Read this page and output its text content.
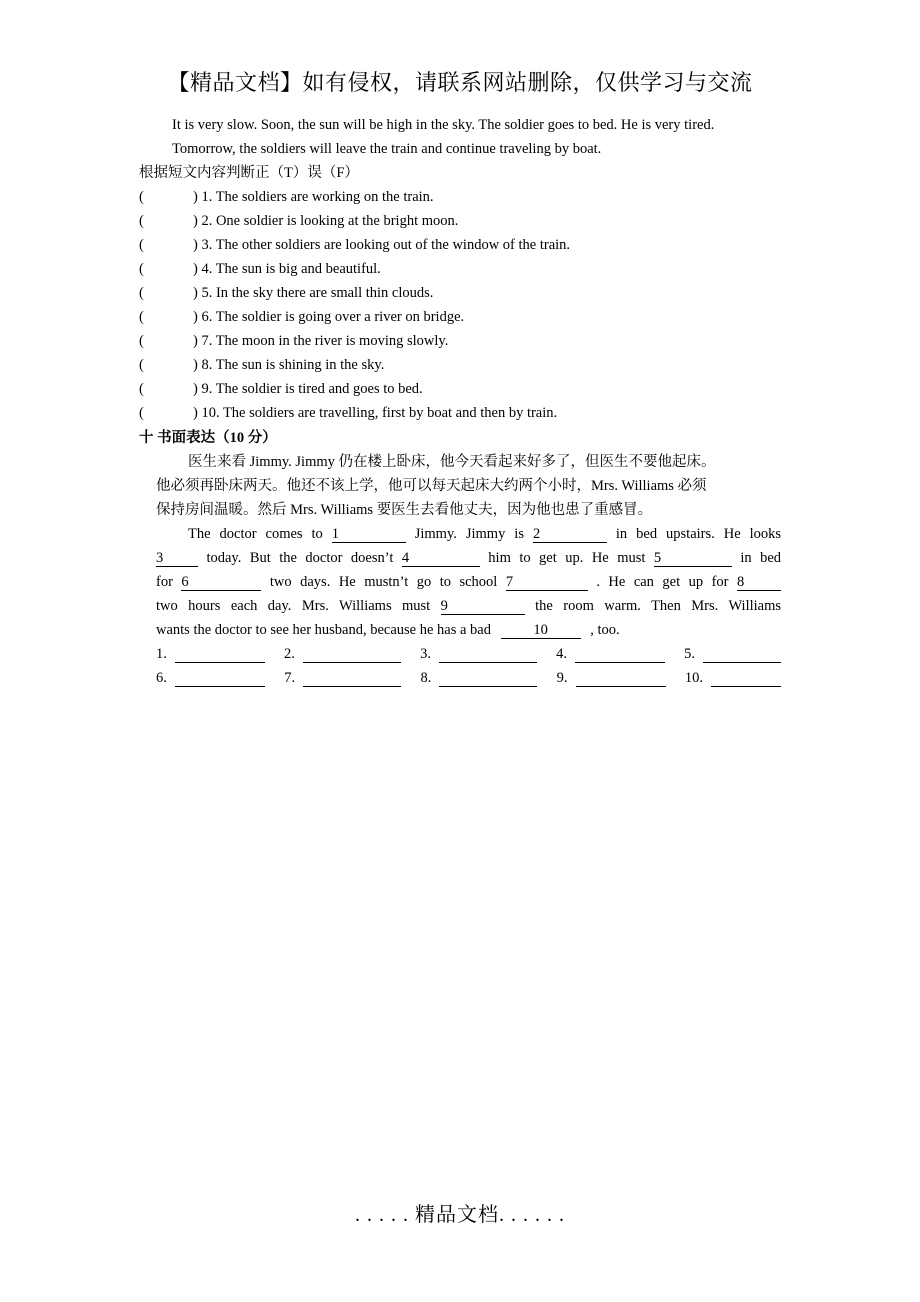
【精品文档】如有侵权，请联系网站删除，仅供学习与交流
It is very slow. Soon, the sun will be high in the sky. The soldier goes to bed. He is very tired.
Tomorrow, the soldiers will leave the train and continue traveling by boat.
根据短文内容判断正（T）误（F）
(	) 1. The soldiers are working on the train.
(	) 2. One soldier is looking at the bright moon.
(	) 3. The other soldiers are looking out of the window of the train.
(	) 4. The sun is big and beautiful.
(	) 5. In the sky there are small thin clouds.
(	) 6. The soldier is going over a river on bridge.
(	) 7. The moon in the river is moving slowly.
(	) 8. The sun is shining in the sky.
(	) 9. The soldier is tired and goes to bed.
(	) 10. The soldiers are travelling, first by boat and then by train.
十 书面表达（10 分）
医生来看 Jimmy. Jimmy 仍在楼上卧床，他今天看起来好多了，但医生不要他起床。
他必须再卧床两天。他还不该上学，他可以每天起床大约两个小时，Mrs. Williams 必须
保持房间温暖。然后 Mrs. Williams 要医生去看他丈夫，因为他也患了重感冒。
The doctor comes to 1	Jimmy. Jimmy is 2	in bed upstairs. He looks
3	today. But the doctor doesn’t 4	him to get up. He must 5	in bed
for 6	two days. He mustn’t go to school 7	. He can get up for 8
two hours each day. Mrs. Williams must 9	the room warm. Then Mrs. Williams
wants the doctor to see her husband, because he has a bad	10	, too.
1.	2.	3.	4.	5.
6.	7.	8.	9.	10.
. . . . . 精品文档. . . . . .
